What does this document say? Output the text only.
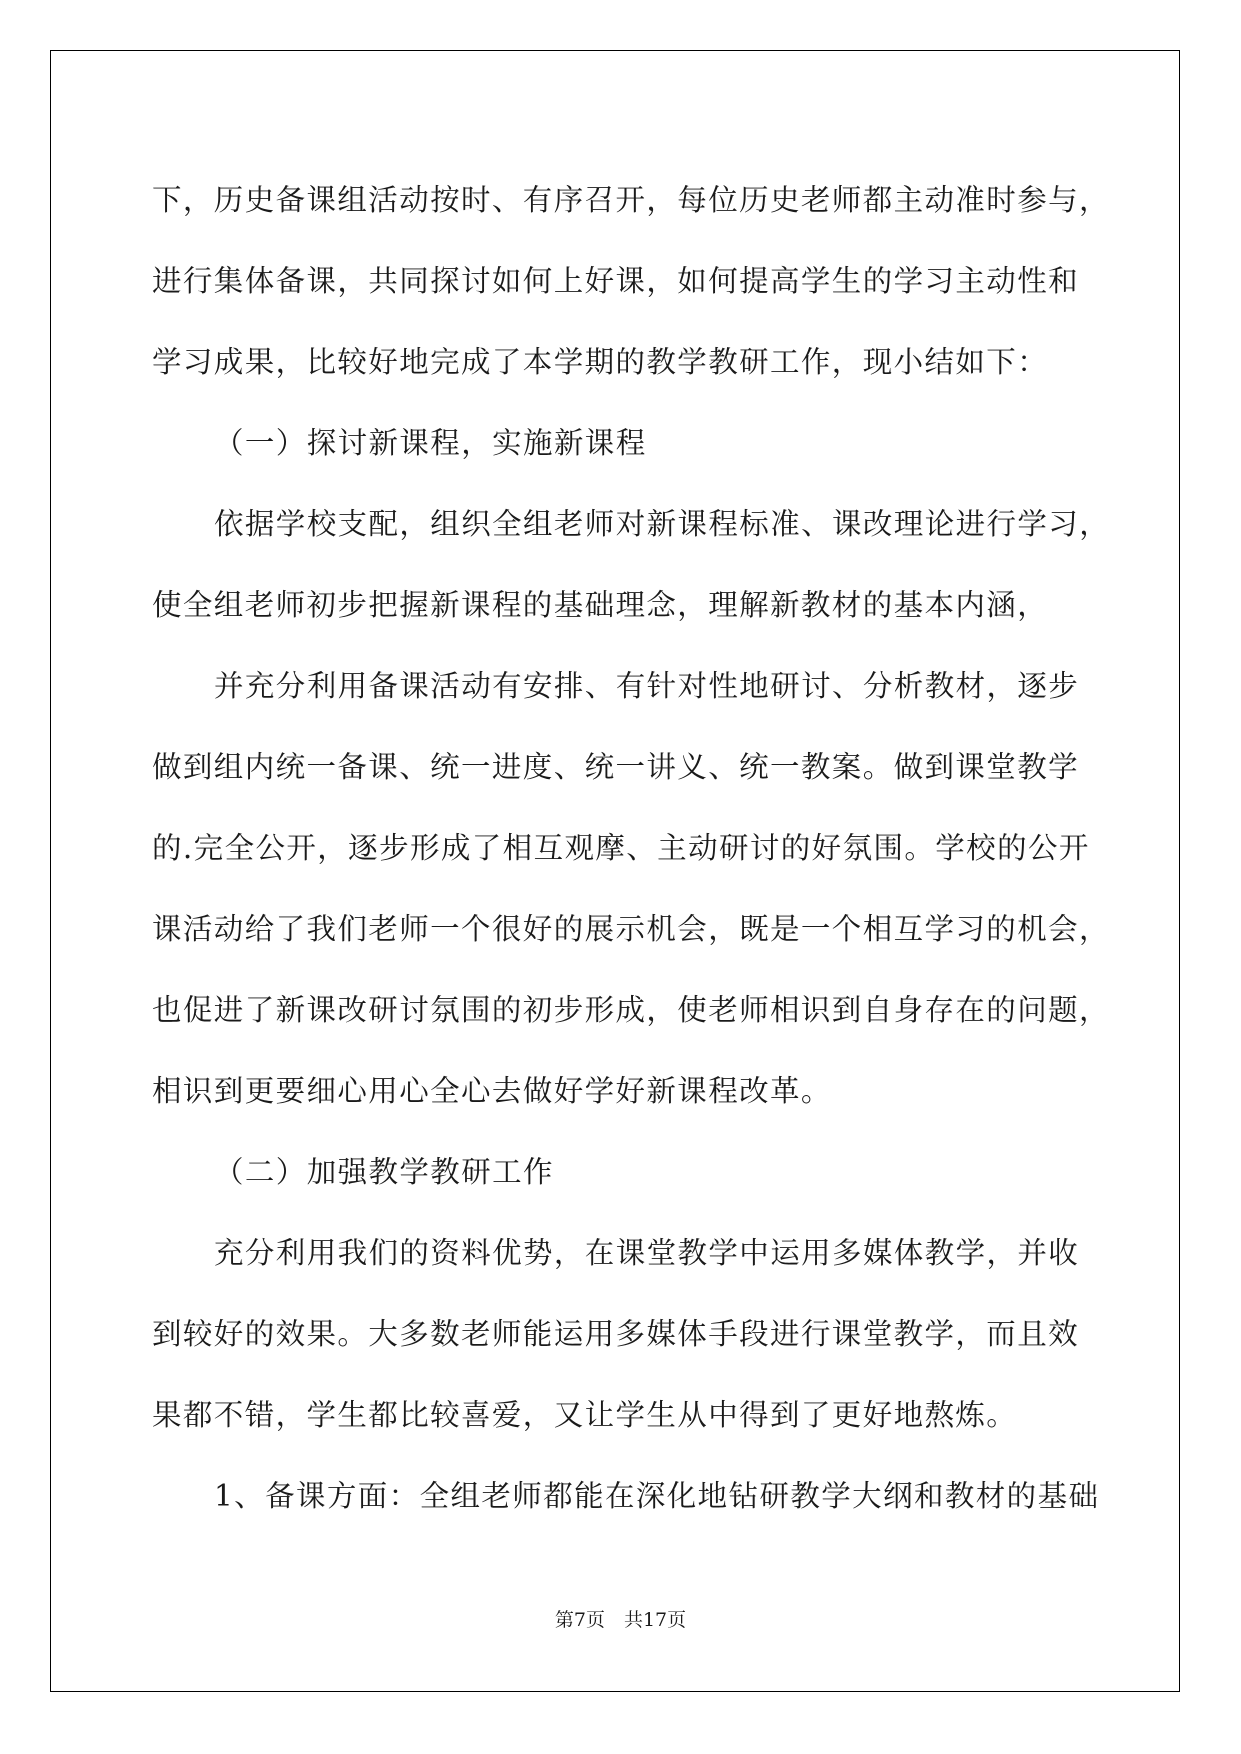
下，历史备课组活动按时、有序召开，每位历史老师都主动准时参与，
进行集体备课，共同探讨如何上好课，如何提高学生的学习主动性和
学习成果，比较好地完成了本学期的教学教研工作，现小结如下：
（一）探讨新课程，实施新课程
依据学校支配，组织全组老师对新课程标准、课改理论进行学习，
使全组老师初步把握新课程的基础理念，理解新教材的基本内涵，
并充分利用备课活动有安排、有针对性地研讨、分析教材，逐步
做到组内统一备课、统一进度、统一讲义、统一教案。做到课堂教学
的.完全公开，逐步形成了相互观摩、主动研讨的好氛围。学校的公开
课活动给了我们老师一个很好的展示机会，既是一个相互学习的机会，
也促进了新课改研讨氛围的初步形成，使老师相识到自身存在的问题，
相识到更要细心用心全心去做好学好新课程改革。
（二）加强教学教研工作
充分利用我们的资料优势，在课堂教学中运用多媒体教学，并收
到较好的效果。大多数老师能运用多媒体手段进行课堂教学，而且效
果都不错，学生都比较喜爱，又让学生从中得到了更好地熬炼。
1、备课方面：全组老师都能在深化地钻研教学大纲和教材的基础
第7页　共17页
